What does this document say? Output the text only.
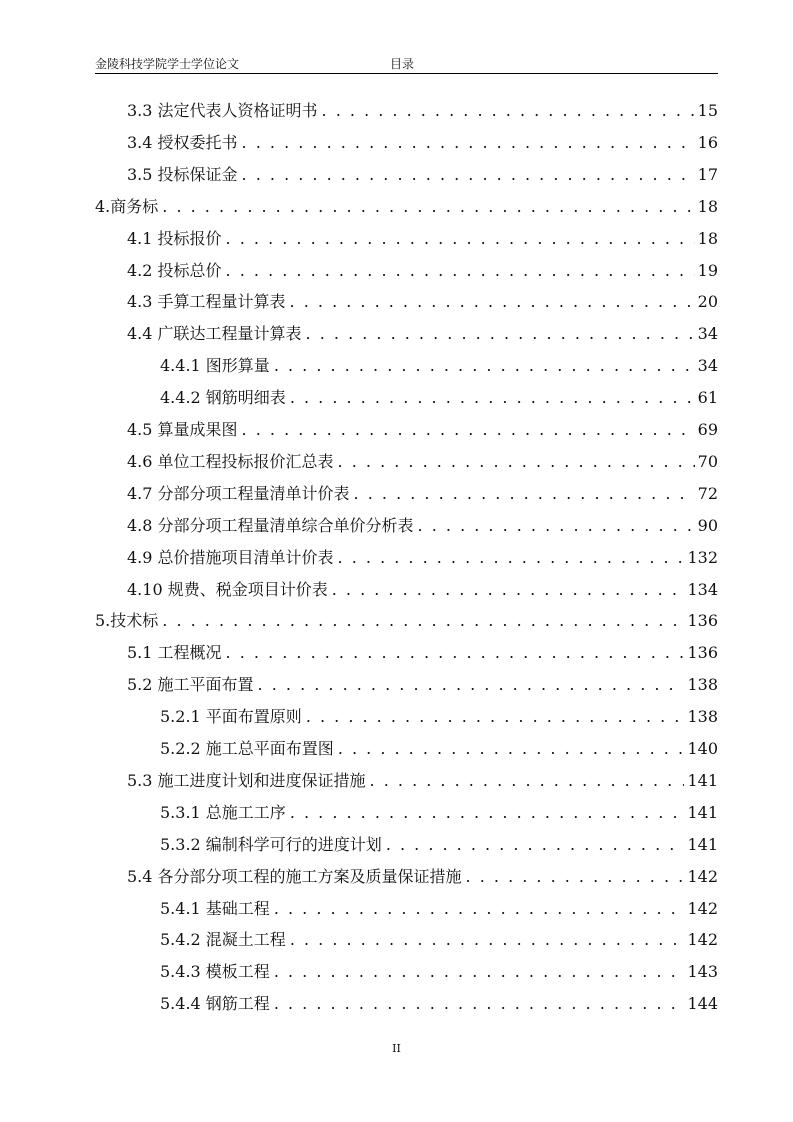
金陵科技学院学士学位论文	目录
3.3 法定代表人资格证明书 . . .	15
3.4 授权委托书 . . .	16
3.5 投标保证金 . . .	17
4.商务标 . . .	18
4.1 投标报价 . . .	18
4.2 投标总价 . . .	19
4.3 手算工程量计算表 . . .	20
4.4 广联达工程量计算表 . . .	34
4.4.1 图形算量 . . .	34
4.4.2 钢筋明细表 . . .	61
4.5 算量成果图 . . .	69
4.6 单位工程投标报价汇总表 . . .	70
4.7 分部分项工程量清单计价表 . . .	72
4.8 分部分项工程量清单综合单价分析表 . . .	90
4.9 总价措施项目清单计价表 . . .	132
4.10 规费、税金项目计价表 . . .	134
5.技术标 . . .	136
5.1 工程概况 . . .	136
5.2 施工平面布置 . . .	138
5.2.1 平面布置原则 . . .	138
5.2.2 施工总平面布置图 . . .	140
5.3 施工进度计划和进度保证措施 . . .	141
5.3.1 总施工工序 . . .	141
5.3.2 编制科学可行的进度计划 . . .	141
5.4 各分部分项工程的施工方案及质量保证措施 . . .	142
5.4.1 基础工程 . . .	142
5.4.2 混凝土工程 . . .	142
5.4.3 模板工程 . . .	143
5.4.4 钢筋工程 . . .	144
II
